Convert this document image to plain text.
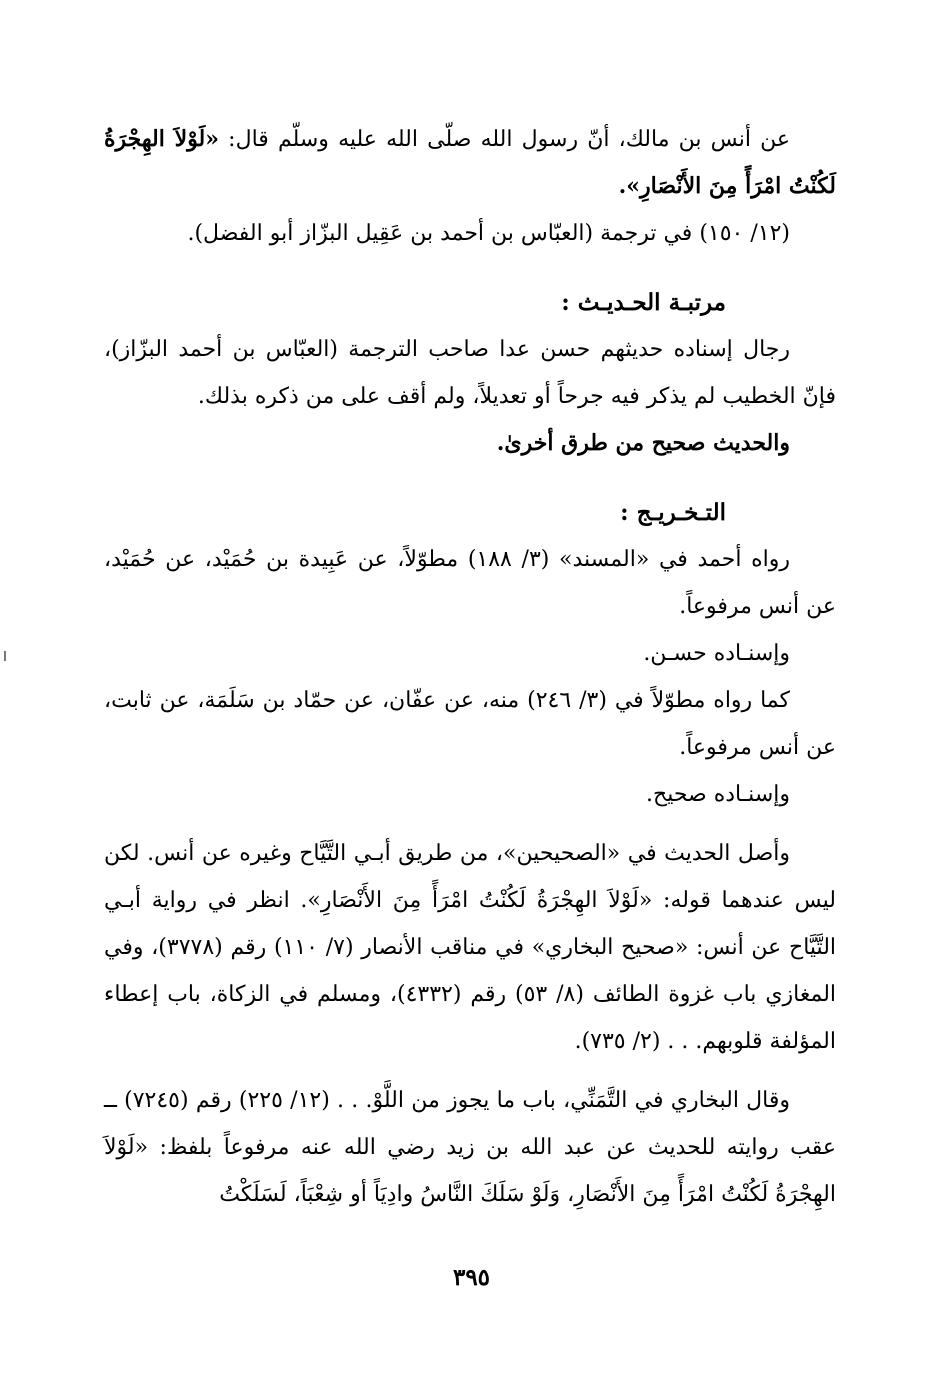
عن أنس بن مالك، أنّ رسول الله صلّى الله عليه وسلّم قال: «لَوْلاَ الهِجْرَةُ لَكُنْتُ امْرَأً مِنَ الأَنْصَارِ».

(١٢/ ١٥٠) في ترجمة (العبّاس بن أحمد بن عَقِيل البزّاز أبو الفضل).

مرتبـة الحـديـث :

رجال إسناده حديثهم حسن عدا صاحب الترجمة (العبّاس بن أحمد البزّاز)، فإنّ الخطيب لم يذكر فيه جرحاً أو تعديلاً، ولم أقف على من ذكره بذلك.

والحديث صحيح من طرق أخرىٰ.

التـخـريـج :

رواه أحمد في «المسند» (٣/ ١٨٨) مطوّلاً، عن عَبِيدة بن حُمَيْد، عن حُمَيْد، عن أنس مرفوعاً.

وإسنـاده حسـن.

كما رواه مطوّلاً في (٣/ ٢٤٦) منه، عن عفّان، عن حمّاد بن سَلَمَة، عن ثابت، عن أنس مرفوعاً.

وإسنـاده صحيح.

وأصل الحديث في «الصحيحين»، من طريق أبـي التَّيَّاح وغيره عن أنس. لكن ليس عندهما قوله: «لَوْلاَ الهِجْرَةُ لَكُنْتُ امْرَأً مِنَ الأَنْصَارِ». انظر في رواية أبـي التَّيَّاح عن أنس: «صحيح البخاري» في مناقب الأنصار (٧/ ١١٠) رقم (٣٧٧٨)، وفي المغازي باب غزوة الطائف (٨/ ٥٣) رقم (٤٣٣٢)، ومسلم في الزكاة، باب إعطاء المؤلفة قلوبهم. . . (٢/ ٧٣٥).

وقال البخاري في التَّمَنِّي، باب ما يجوز من اللَّوْ. . . (١٢/ ٢٢٥) رقم (٧٢٤٥) ــ عقب روايته للحديث عن عبد الله بن زيد رضي الله عنه مرفوعاً بلفظ: «لَوْلاَ الهِجْرَةُ لَكُنْتُ امْرَأً مِنَ الأَنْصَارِ، وَلَوْ سَلَكَ النَّاسُ وادِيَاً أو شِعْبَاً، لَسَلَكْتُ

٣٩٥
